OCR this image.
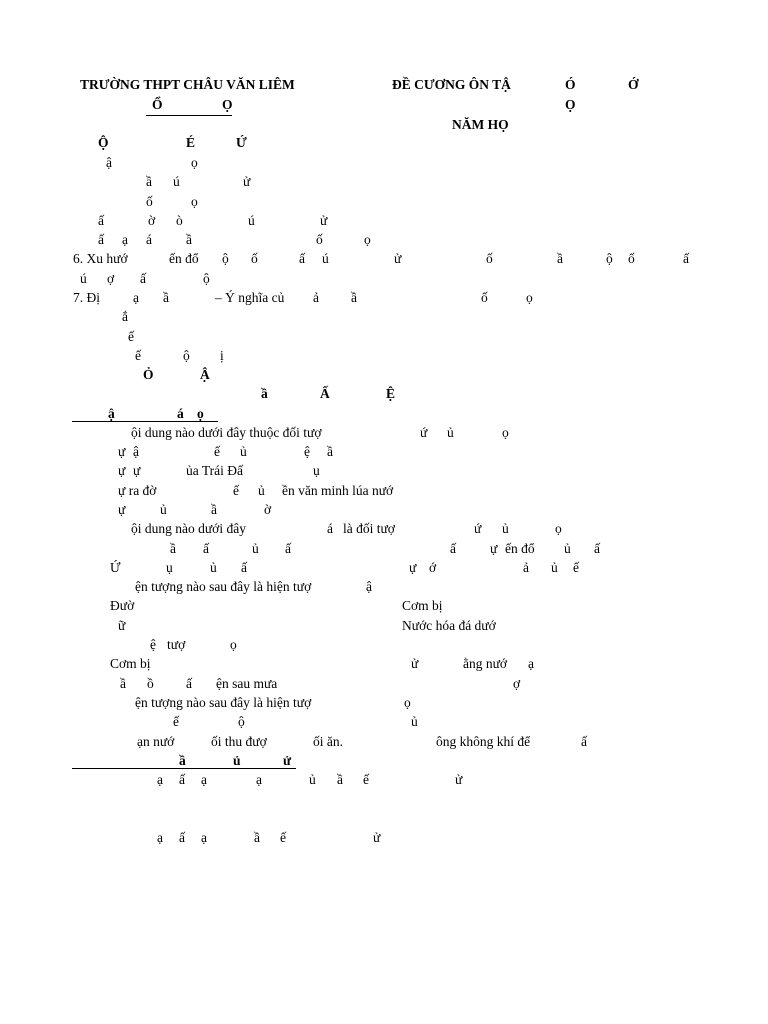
TRƯỜNG THPT CHÂU VĂN LIÊM	ĐỀ CƯƠNG ÔN TẬ	Ó	Ớ
Ổ	Ọ	Ọ
NĂM HỌ
Ộ	É	Ứ
ậ	ọ
ầ ú	ử
ố	ọ
ấ	ờ ò	ú	ử
ấ ạ á	ầ	ố	ọ
6. Xu hướ	ến đổ ộ ố	ấ ú	ử	ố	ầ	ộ ố	ấ
ú ợ ấ	ộ
7. Đị ạ ầ	– Ý nghĩa củ ả ầ	ố	ọ
ắ
ế
ế	ộ ị
Ỏ	Ậ
ầ	Ấ	Ệ
ậ	á ọ
ội dung nào dưới đây thuộc đối tượ	ứ ủ	ọ
ự ậ	ế ủ	ệ ầ
ự ự	ủa Trái Đấ	ụ
ự ra đờ	ế ủ ền văn minh lúa nướ
ự	ủ	ầ	ờ
ội dung nào dưới đây	á là đối tượ	ứ ủ	ọ
ầ ấ	ủ ấ	ấ	ự ến đổ ủ ấ
Ứ	ụ	ủ ấ	ự ớ	ả ủ ế
ện tượng nào sau đây là hiện tượ	ậ
Đườ	Cơm bị
ữ	Nước hóa đá dướ
ệ tượ	ọ
Cơm bị	ử	ằng nướ ạ
ầ ồ ấ ện sau mưa	ợ
ện tượng nào sau đây là hiện tượ	ọ
ế	ộ	ủ
ạn nướ	ối thu đượ	ối ăn.	ông không khí để	ấ
ầ	ủ	ử
ạ ấ ạ	ạ	ủ ầ ế	ử
ạ ấ ạ	ầ ế	ử
